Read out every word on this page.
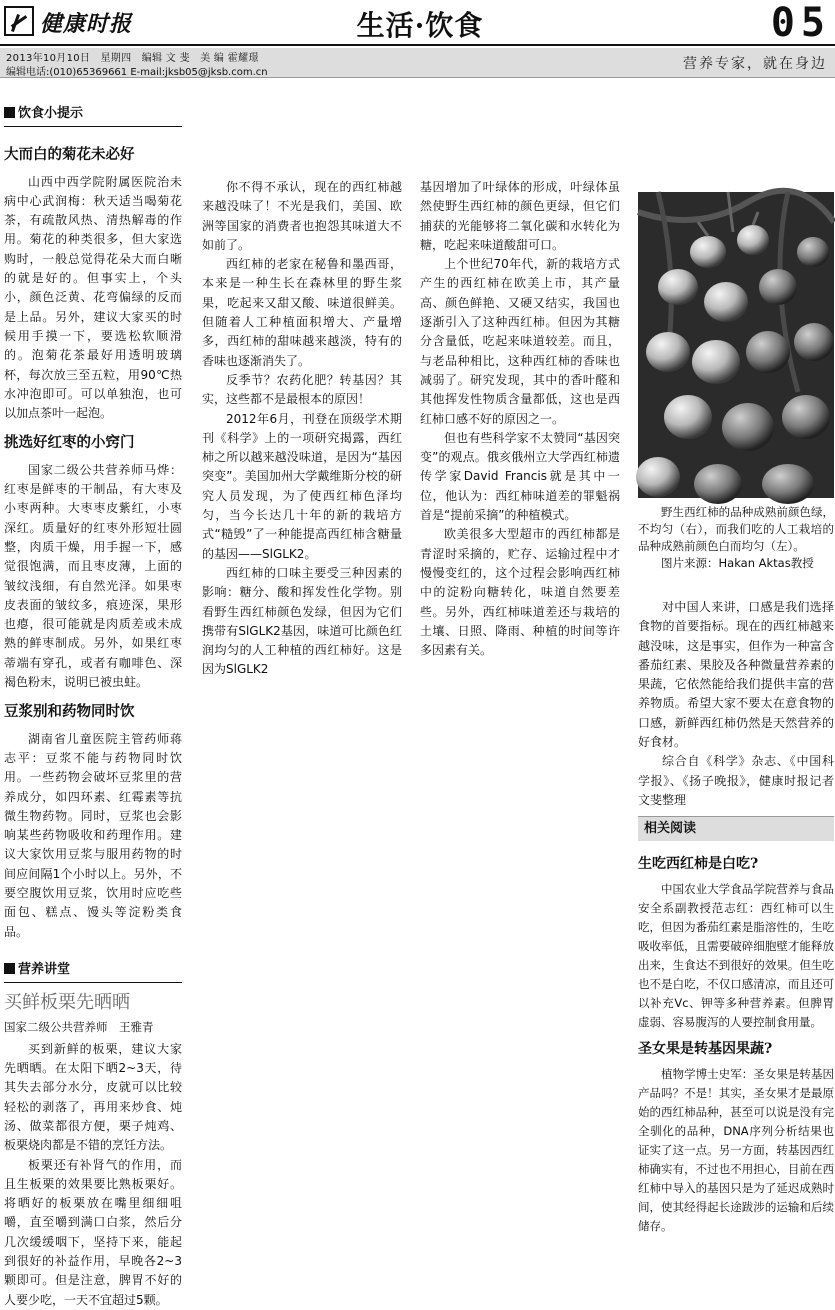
健康时报	生活·饮食	05
2013年10月10日　星期四　编辑 文 斐　美 编 霍耀璟
编辑电话:(010)65369661 E-mail:jksb05@jksb.com.cn
营养专家，就在身边
饮食小提示

大而白的菊花未必好

山西中西学院附属医院治未病中心武润梅：秋天适当喝菊花茶，有疏散风热、清热解毒的作用。菊花的种类很多，但大家选购时，一般总觉得花朵大而白晰的就是好的。但事实上，个头小，颜色泛黄、花弯偏绿的反而是上品。另外，建议大家买的时候用手摸一下，要选松软顺滑的。泡菊花茶最好用透明玻璃杯，每次放三至五粒，用90℃热水冲泡即可。可以单独泡，也可以加点茶叶一起泡。

挑选好红枣的小窍门

国家二级公共营养师马烨：红枣是鲜枣的干制品，有大枣及小枣两种。大枣枣皮紫红，小枣深红。质量好的红枣外形短壮圆整，肉质干燥，用手握一下，感觉很饱满，而且枣皮薄，上面的皱纹浅细，有自然光泽。如果枣皮表面的皱纹多，痕迹深，果形也瘪，很可能就是肉质差或未成熟的鲜枣制成。另外，如果红枣蒂端有穿孔，或者有咖啡色、深褐色粉末，说明已被虫蛀。

豆浆别和药物同时饮

湖南省儿童医院主管药师蒋志平：豆浆不能与药物同时饮用。一些药物会破坏豆浆里的营养成分，如四环素、红霉素等抗微生物药物。同时，豆浆也会影响某些药物吸收和药理作用。建议大家饮用豆浆与服用药物的时间应间隔1个小时以上。另外，不要空腹饮用豆浆，饮用时应吃些面包、糕点、馒头等淀粉类食品。

营养讲堂
买鲜板栗先晒晒

国家二级公共营养师　王雅青

买到新鲜的板栗，建议大家先晒晒。在太阳下晒2~3天，待其失去部分水分，皮就可以比较轻松的剥落了，再用来炒食、炖汤、做菜都很方便，栗子炖鸡、板栗烧肉都是不错的烹饪方法。

板栗还有补肾气的作用，而且生板栗的效果要比熟板栗好。将晒好的板栗放在嘴里细细咀嚼，直至嚼到满口白浆，然后分几次缓缓咽下，坚持下来，能起到很好的补益作用，早晚各2~3颗即可。但是注意，脾胃不好的人要少吃，一天不宜超过5颗。

你不得不承认，现在的西红柿越来越没味了！不光是我们，美国、欧洲等国家的消费者也抱怨其味道大不如前了。

西红柿的老家在秘鲁和墨西哥，本来是一种生长在森林里的野生浆果，吃起来又甜又酸、味道很鲜美。但随着人工种植面积增大、产量增多，西红柿的甜味越来越淡，特有的香味也逐渐消失了。

反季节？农药化肥？转基因？其实，这些都不是最根本的原因！

2012年6月，刊登在顶级学术期刊《科学》上的一项研究揭露，西红柿之所以越来越没味道，是因为“基因突变”。美国加州大学戴维斯分校的研究人员发现，为了使西红柿色泽均匀，当今长达几十年的新的栽培方式“糙毁”了一种能提高西红柿含糖量的基因——SlGLK2。

西红柿的口味主要受三种因素的影响：糖分、酸和挥发性化学物。别看野生西红柿颜色发绿，但因为它们携带有SlGLK2基因，味道可比颜色红润均匀的人工种植的西红柿好。这是因为SlGLK2

基因增加了叶绿体的形成，叶绿体虽然使野生西红柿的颜色更绿，但它们捕获的光能够将二氧化碳和水转化为糖，吃起来味道酸甜可口。

上个世纪70年代，新的栽培方式产生的西红柿在欧美上市，其产量高、颜色鲜艳、又硬又结实，我国也逐渐引入了这种西红柿。但因为其糖分含量低，吃起来味道较差。而且，与老品种相比，这种西红柿的香味也减弱了。研究发现，其中的香叶醛和其他挥发性物质含量都低，这也是西红柿口感不好的原因之一。

但也有些科学家不太赞同“基因突变”的观点。俄亥俄州立大学西红柿遗传学家David Francis就是其中一位，他认为：西红柿味道差的罪魁祸首是“提前采摘”的种植模式。

欧美很多大型超市的西红柿都是青涩时采摘的，贮存、运输过程中才慢慢变红的，这个过程会影响西红柿中的淀粉向糖转化，味道自然要差些。另外，西红柿味道差还与栽培的土壤、日照、降雨、种植的时间等许多因素有关。

野生西红柿的品种成熟前颜色绿，不均匀（右），而我们吃的人工栽培的品种成熟前颜色白而均匀（左）。

图片来源：Hakan Aktas教授

对中国人来讲，口感是我们选择食物的首要指标。现在的西红柿越来越没味，这是事实，但作为一种富含番茄红素、果胶及各种微量营养素的果蔬，它依然能给我们提供丰富的营养物质。希望大家不要太在意食物的口感，新鲜西红柿仍然是天然营养的好食材。

综合自《科学》杂志、《中国科学报》、《扬子晚报》，健康时报记者文斐整理

相关阅读
生吃西红柿是白吃?

中国农业大学食品学院营养与食品安全系副教授范志红：西红柿可以生吃，但因为番茄红素是脂溶性的，生吃吸收率低，且需要破碎细胞壁才能释放出来，生食达不到很好的效果。但生吃也不是白吃，不仅口感清凉，而且还可以补充Vc、钾等多种营养素。但脾胃虚弱、容易腹泻的人要控制食用量。

圣女果是转基因果蔬?

植物学博士史军：圣女果是转基因产品吗？不是！其实，圣女果才是最原始的西红柿品种，甚至可以说是没有完全驯化的品种，DNA序列分析结果也证实了这一点。另一方面，转基因西红柿确实有，不过也不用担心，目前在西红柿中导入的基因只是为了延迟成熟时间，使其经得起长途跋涉的运输和后续储存。
